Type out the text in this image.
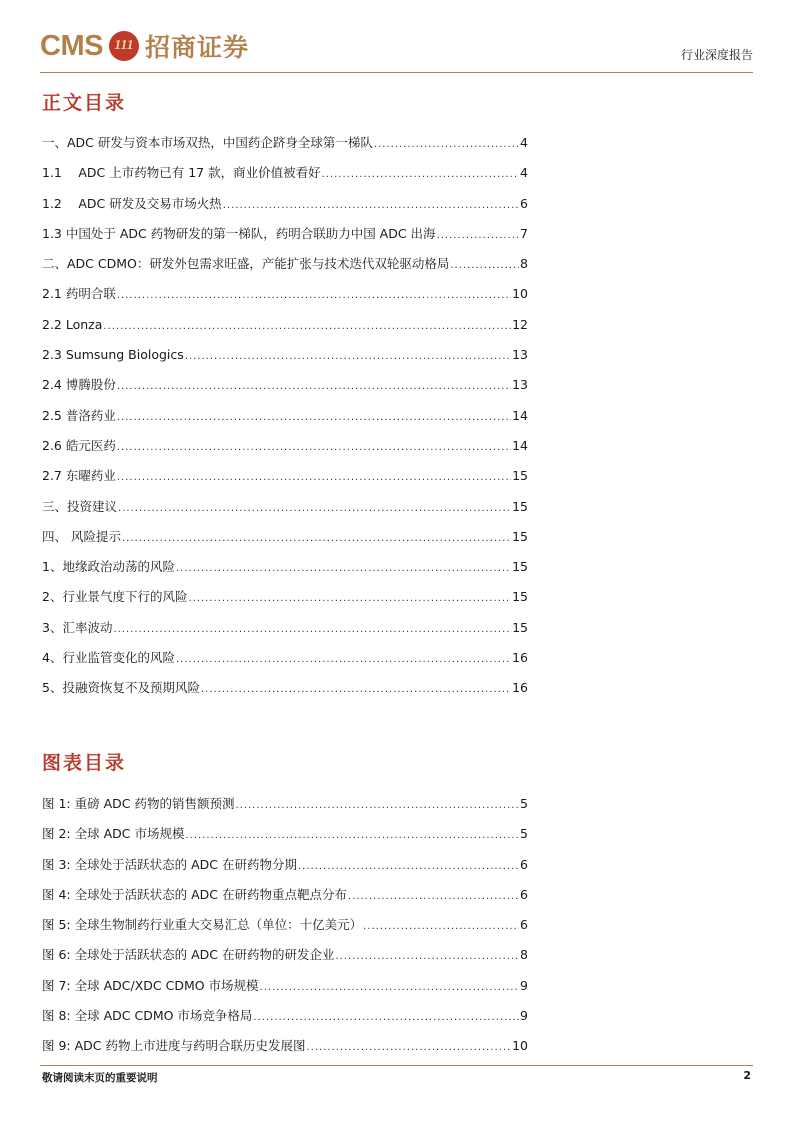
CMS 111 招商证券	行业深度报告
正文目录
一、ADC 研发与资本市场双热，中国药企跻身全球第一梯队 .....	4
1.1 　ADC 上市药物已有 17 款，商业价值被看好 .....	4
1.2 　ADC 研发及交易市场火热 .....	6
1.3 中国处于 ADC 药物研发的第一梯队，药明合联助力中国 ADC 出海 .....	7
二、ADC CDMO：研发外包需求旺盛，产能扩张与技术迭代双轮驱动格局 .....	8
2.1 药明合联 .....	10
2.2 Lonza .....	12
2.3 Sumsung Biologics .....	13
2.4 博腾股份 .....	13
2.5 普洛药业 .....	14
2.6 皓元医药 .....	14
2.7 东曜药业 .....	15
三、投资建议 .....	15
四、 风险提示 .....	15
1、地缘政治动荡的风险 .....	15
2、行业景气度下行的风险 .....	15
3、汇率波动 .....	15
4、行业监管变化的风险 .....	16
5、投融资恢复不及预期风险 .....	16
图表目录
图 1: 重磅 ADC 药物的销售额预测 .....	5
图 2: 全球 ADC 市场规模 .....	5
图 3: 全球处于活跃状态的 ADC 在研药物分期 .....	6
图 4: 全球处于活跃状态的 ADC 在研药物重点靶点分布 .....	6
图 5: 全球生物制药行业重大交易汇总（单位：十亿美元） .....	6
图 6: 全球处于活跃状态的 ADC 在研药物的研发企业 .....	8
图 7: 全球 ADC/XDC CDMO 市场规模 .....	9
图 8: 全球 ADC CDMO 市场竞争格局 .....	9
图 9: ADC 药物上市进度与药明合联历史发展图 .....	10
敬请阅读末页的重要说明	2
